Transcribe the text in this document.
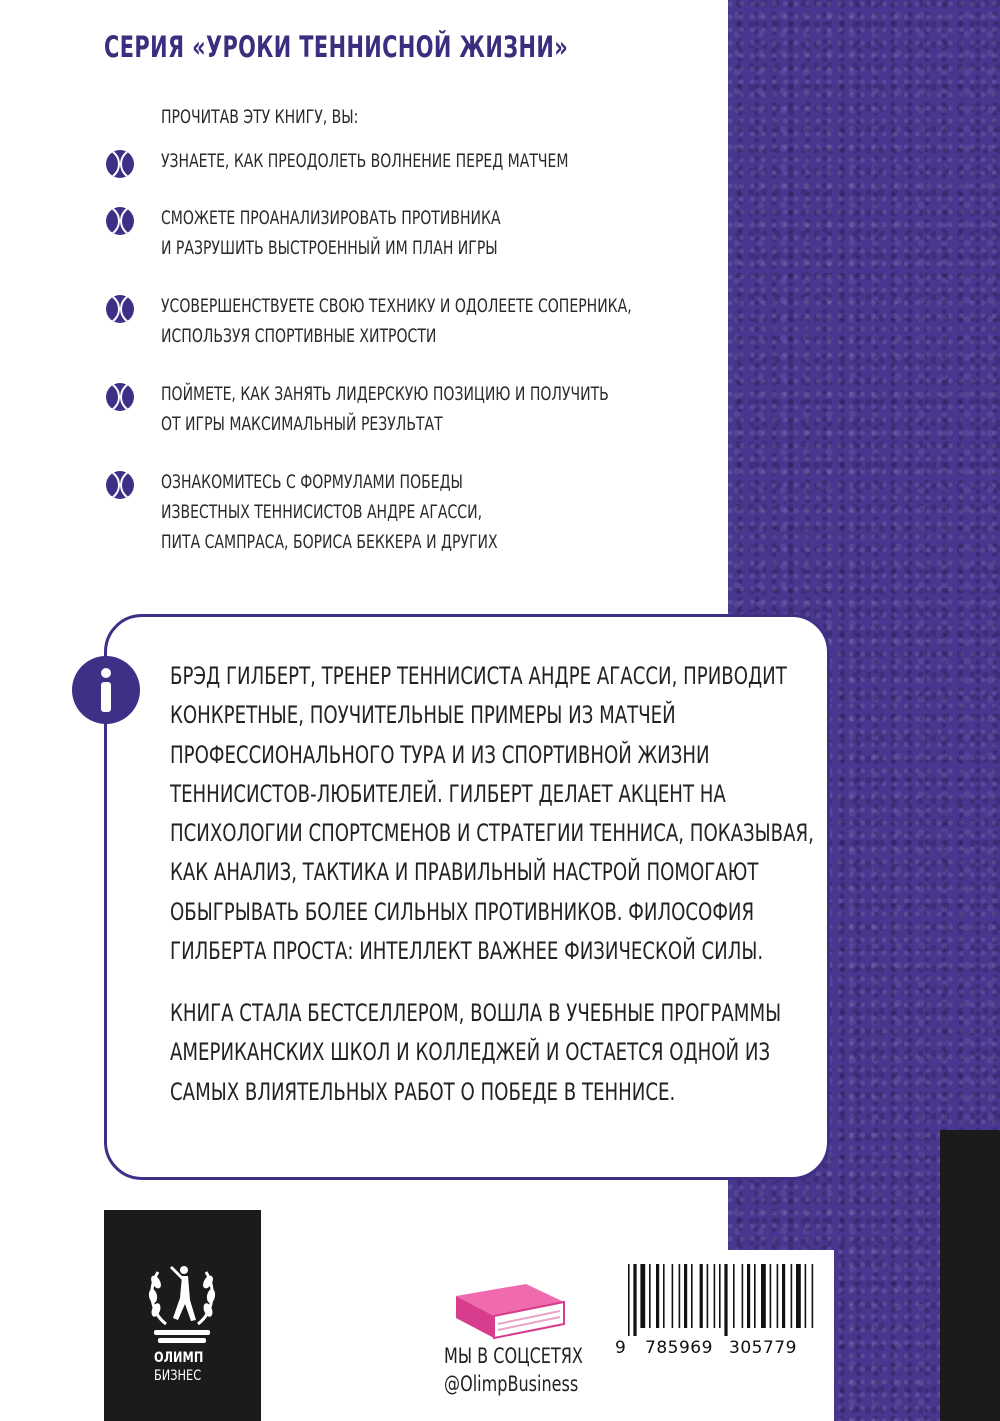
СЕРИЯ «УРОКИ ТЕННИСНОЙ ЖИЗНИ»
ПРОЧИТАВ ЭТУ КНИГУ, ВЫ:
УЗНАЕТЕ, КАК ПРЕОДОЛЕТЬ ВОЛНЕНИЕ ПЕРЕД МАТЧЕМ
СМОЖЕТЕ ПРОАНАЛИЗИРОВАТЬ ПРОТИВНИКА
И РАЗРУШИТЬ ВЫСТРОЕННЫЙ ИМ ПЛАН ИГРЫ
УСОВЕРШЕНСТВУЕТЕ СВОЮ ТЕХНИКУ И ОДОЛЕЕТЕ СОПЕРНИКА,
ИСПОЛЬЗУЯ СПОРТИВНЫЕ ХИТРОСТИ
ПОЙМЕТЕ, КАК ЗАНЯТЬ ЛИДЕРСКУЮ ПОЗИЦИЮ И ПОЛУЧИТЬ
ОТ ИГРЫ МАКСИМАЛЬНЫЙ РЕЗУЛЬТАТ
ОЗНАКОМИТЕСЬ С ФОРМУЛАМИ ПОБЕДЫ
ИЗВЕСТНЫХ ТЕННИСИСТОВ АНДРЕ АГАССИ,
ПИТА САМПРАСА, БОРИСА БЕККЕРА И ДРУГИХ
БРЭД ГИЛБЕРТ, ТРЕНЕР ТЕННИСИСТА АНДРЕ АГАССИ, ПРИВОДИТ
КОНКРЕТНЫЕ, ПОУЧИТЕЛЬНЫЕ ПРИМЕРЫ ИЗ МАТЧЕЙ
ПРОФЕССИОНАЛЬНОГО ТУРА И ИЗ СПОРТИВНОЙ ЖИЗНИ
ТЕННИСИСТОВ-ЛЮБИТЕЛЕЙ. ГИЛБЕРТ ДЕЛАЕТ АКЦЕНТ НА
ПСИХОЛОГИИ СПОРТСМЕНОВ И СТРАТЕГИИ ТЕННИСА, ПОКАЗЫВАЯ,
КАК АНАЛИЗ, ТАКТИКА И ПРАВИЛЬНЫЙ НАСТРОЙ ПОМОГАЮТ
ОБЫГРЫВАТЬ БОЛЕЕ СИЛЬНЫХ ПРОТИВНИКОВ. ФИЛОСОФИЯ
ГИЛБЕРТА ПРОСТА: ИНТЕЛЛЕКТ ВАЖНЕЕ ФИЗИЧЕСКОЙ СИЛЫ.
КНИГА СТАЛА БЕСТСЕЛЛЕРОМ, ВОШЛА В УЧЕБНЫЕ ПРОГРАММЫ
АМЕРИКАНСКИХ ШКОЛ И КОЛЛЕДЖЕЙ И ОСТАЕТСЯ ОДНОЙ ИЗ
САМЫХ ВЛИЯТЕЛЬНЫХ РАБОТ О ПОБЕДЕ В ТЕННИСЕ.
ОЛИМП
БИЗНЕС
МЫ В СОЦСЕТЯХ
@OlimpBusiness
9 785969 305779
